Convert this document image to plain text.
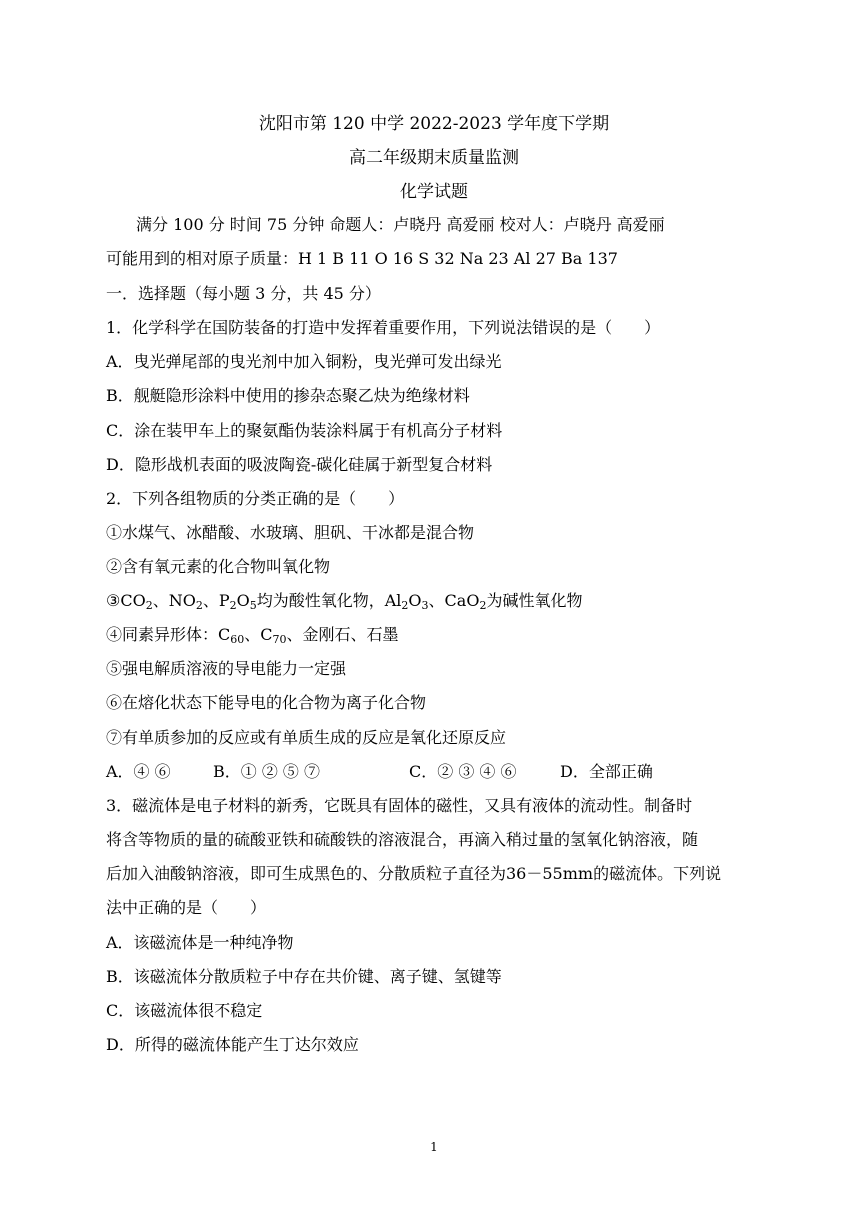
沈阳市第 120 中学 2022-2023 学年度下学期
高二年级期末质量监测
化学试题
满分 100 分 时间 75 分钟 命题人：卢晓丹 高爱丽 校对人：卢晓丹 高爱丽
可能用到的相对原子质量：H 1 B 11 O 16 S 32 Na 23 Al 27 Ba 137
一．选择题（每小题 3 分，共 45 分）
1．化学科学在国防装备的打造中发挥着重要作用，下列说法错误的是（　　）
A．曳光弹尾部的曳光剂中加入铜粉，曳光弹可发出绿光
B．舰艇隐形涂料中使用的掺杂态聚乙炔为绝缘材料
C．涂在装甲车上的聚氨酯伪装涂料属于有机高分子材料
D．隐形战机表面的吸波陶瓷-碳化硅属于新型复合材料
2．下列各组物质的分类正确的是（　　）
①水煤气、冰醋酸、水玻璃、胆矾、干冰都是混合物
②含有氧元素的化合物叫氧化物
$③CO_2$、$NO_2$、$P_2O_5$均为酸性氧化物，$Al_2O_3$、CaO$_2$为碱性氧化物
④同素异形体：$C_{60}$、$C_{70}$、金刚石、石墨
⑤强电解质溶液的导电能力一定强
⑥在熔化状态下能导电的化合物为离子化合物
⑦有单质参加的反应或有单质生成的反应是氧化还原反应
A．④ ⑥	B．① ② ⑤ ⑦	C．② ③ ④ ⑥	D．全部正确
3．磁流体是电子材料的新秀，它既具有固体的磁性，又具有液体的流动性。制备时
将含等物质的量的硫酸亚铁和硫酸铁的溶液混合，再滴入稍过量的氢氧化钠溶液，随
后加入油酸钠溶液，即可生成黑色的、分散质粒子直径为36－55mm的磁流体。下列说
法中正确的是（　　）
A．该磁流体是一种纯净物
B．该磁流体分散质粒子中存在共价键、离子键、氢键等
C．该磁流体很不稳定
D．所得的磁流体能产生丁达尔效应
1
